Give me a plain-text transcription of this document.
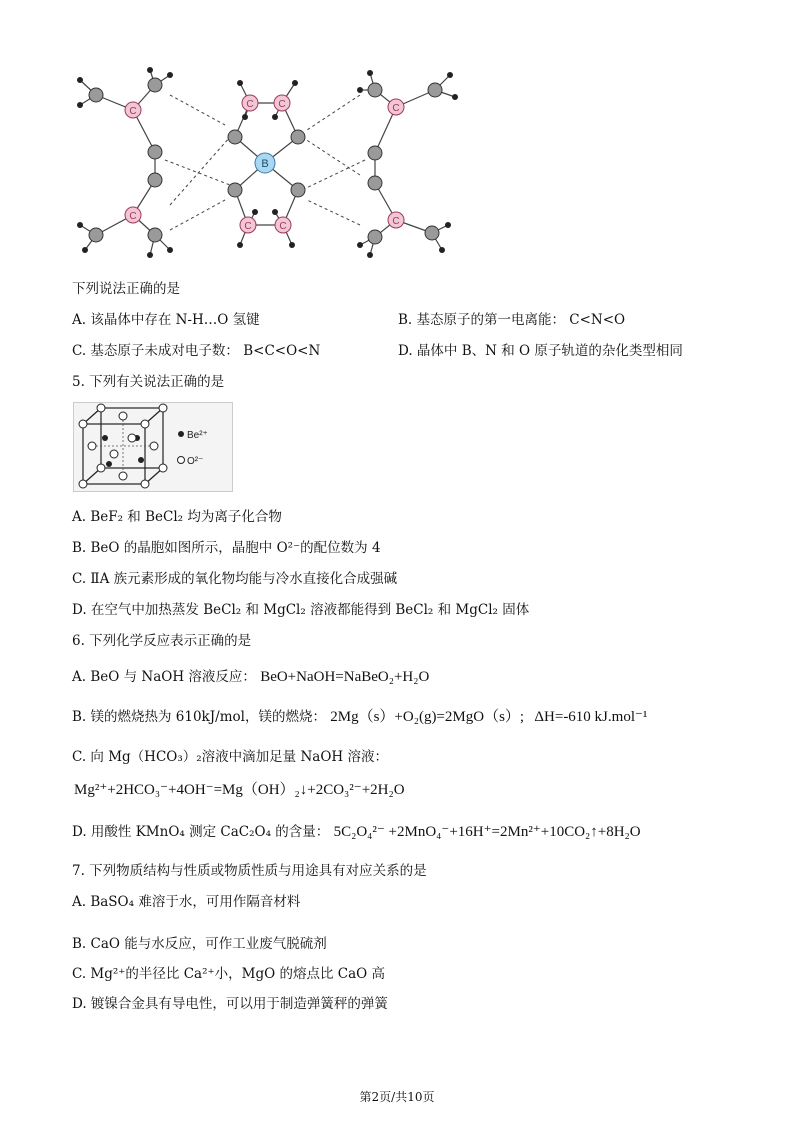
C
C
C C
C	C
C
C
B
下列说法正确的是
A. 该晶体中存在 N-H…O 氢键	B. 基态原子的第一电离能： C<N<O
C. 基态原子未成对电子数： B<C<O<N	D. 晶体中 B、N 和 O 原子轨道的杂化类型相同
5. 下列有关说法正确的是
Be²⁺
O²⁻
A. BeF₂ 和 BeCl₂ 均为离子化合物
B. BeO 的晶胞如图所示，晶胞中 O²⁻的配位数为 4
C. ⅡA 族元素形成的氧化物均能与冷水直接化合成强碱
D. 在空气中加热蒸发 BeCl₂ 和 MgCl₂ 溶液都能得到 BeCl₂ 和 MgCl₂ 固体
6. 下列化学反应表示正确的是
A. BeO 与 NaOH 溶液反应： BeO+NaOH=NaBeO₂+H₂O
B. 镁的燃烧热为 610kJ/mol，镁的燃烧： 2Mg（s）+O₂(g)=2MgO（s）; ΔH=-610 kJ.mol⁻¹
C. 向 Mg（HCO₃）₂溶液中滴加足量 NaOH 溶液：
Mg²⁺+2HCO₃⁻+4OH⁻=Mg（OH）₂↓+2CO₃²⁻+2H₂O
D. 用酸性 KMnO₄ 测定 CaC₂O₄ 的含量： 5C₂O₄²⁻ +2MnO₄⁻+16H⁺=2Mn²⁺+10CO₂↑+8H₂O
7. 下列物质结构与性质或物质性质与用途具有对应关系的是
A. BaSO₄ 难溶于水，可用作隔音材料
B. CaO 能与水反应，可作工业废气脱硫剂
C. Mg²⁺的半径比 Ca²⁺小，MgO 的熔点比 CaO 高
D. 镀镍合金具有导电性，可以用于制造弹簧秤的弹簧
第2页/共10页
